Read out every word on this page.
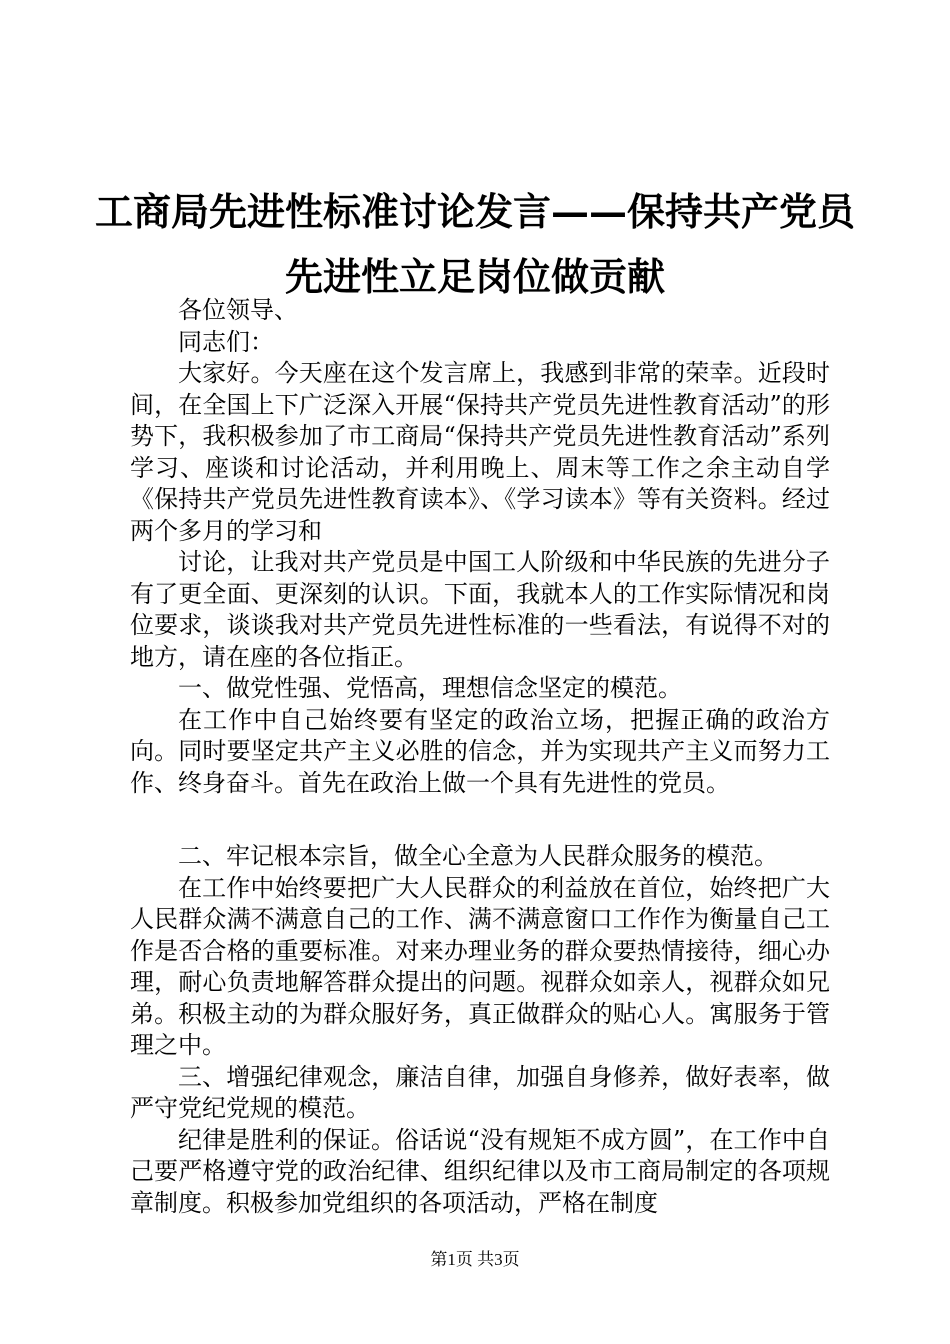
工商局先进性标准讨论发言——保持共产党员
先进性立足岗位做贡献

各位领导、

同志们：

大家好。今天座在这个发言席上，我感到非常的荣幸。近段时间，在全国上下广泛深入开展“保持共产党员先进性教育活动”的形势下，我积极参加了市工商局“保持共产党员先进性教育活动”系列学习、座谈和讨论活动，并利用晚上、周末等工作之余主动自学《保持共产党员先进性教育读本》、《学习读本》等有关资料。经过两个多月的学习和

讨论，让我对共产党员是中国工人阶级和中华民族的先进分子有了更全面、更深刻的认识。下面，我就本人的工作实际情况和岗位要求，谈谈我对共产党员先进性标准的一些看法，有说得不对的地方，请在座的各位指正。

一、做党性强、党悟高，理想信念坚定的模范。

在工作中自己始终要有坚定的政治立场，把握正确的政治方向。同时要坚定共产主义必胜的信念，并为实现共产主义而努力工作、终身奋斗。首先在政治上做一个具有先进性的党员。

二、牢记根本宗旨，做全心全意为人民群众服务的模范。

在工作中始终要把广大人民群众的利益放在首位，始终把广大人民群众满不满意自己的工作、满不满意窗口工作作为衡量自己工作是否合格的重要标准。对来办理业务的群众要热情接待，细心办理，耐心负责地解答群众提出的问题。视群众如亲人，视群众如兄弟。积极主动的为群众服好务，真正做群众的贴心人。寓服务于管理之中。

三、增强纪律观念，廉洁自律，加强自身修养，做好表率，做严守党纪党规的模范。

纪律是胜利的保证。俗话说“没有规矩不成方圆”，在工作中自己要严格遵守党的政治纪律、组织纪律以及市工商局制定的各项规章制度。积极参加党组织的各项活动，严格在制度

第1页 共3页
